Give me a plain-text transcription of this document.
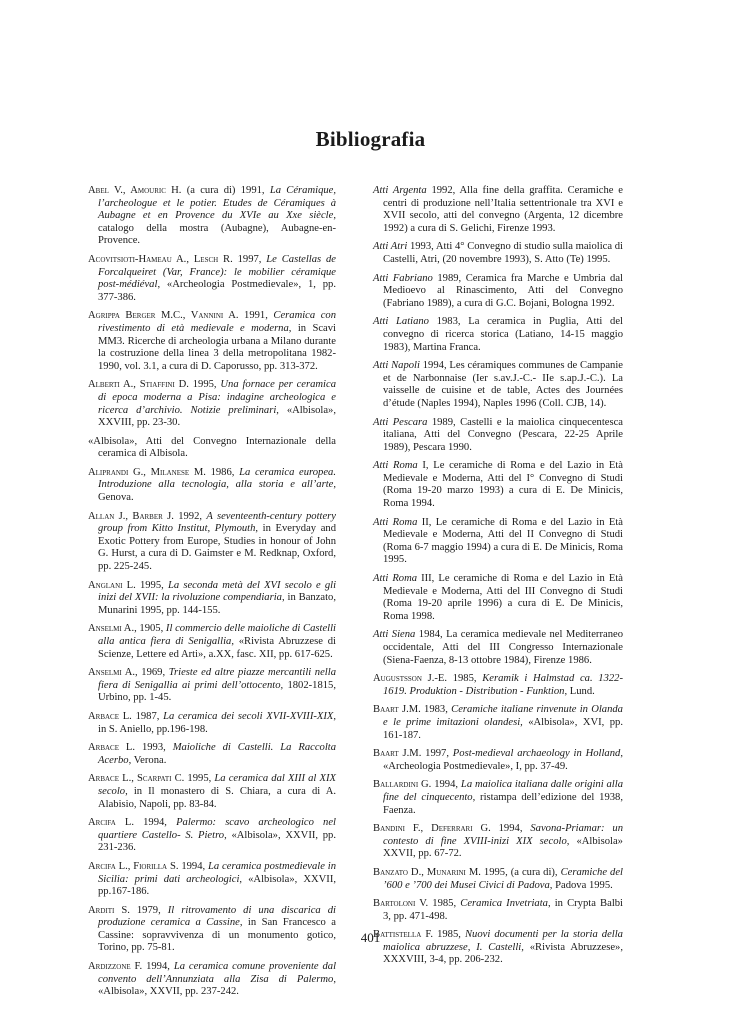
Bibliografia
Abel V., Amouric H. (a cura di) 1991, La Céramique, l’archeologue et le potier. Etudes de Céramiques à Aubagne et en Provence du XVIe au Xxe siècle, catalogo della mostra (Aubagne), Aubagne-en-Provence.
Acovitsioti-Hameau A., Lesch R. 1997, Le Castellas de Forcalqueiret (Var, France): le mobilier céramique post-médiéval, «Archeologia Postmedievale», 1, pp. 377-386.
Agrippa Berger M.C., Vannini A. 1991, Ceramica con rivestimento di età medievale e moderna, in Scavi MM3. Ricerche di archeologia urbana a Milano durante la costruzione della linea 3 della metropolitana 1982-1990, vol. 3.1, a cura di D. Caporusso, pp. 313-372.
Alberti A., Stiaffini D. 1995, Una fornace per ceramica di epoca moderna a Pisa: indagine archeologica e ricerca d’archivio. Notizie preliminari, «Albisola», XXVIII, pp. 23-30.
«Albisola», Atti del Convegno Internazionale della ceramica di Albisola.
Aliprandi G., Milanese M. 1986, La ceramica europea. Introduzione alla tecnologia, alla storia e all’arte, Genova.
Allan J., Barber J. 1992, A seventeenth-century pottery group from Kitto Institut, Plymouth, in Everyday and Exotic Pottery from Europe, Studies in honour of John G. Hurst, a cura di D. Gaimster e M. Redknap, Oxford, pp. 225-245.
Anglani L. 1995, La seconda metà del XVI secolo e gli inizi del XVII: la rivoluzione compendiaria, in Banzato, Munarini 1995, pp. 144-155.
Anselmi A., 1905, Il commercio delle maioliche di Castelli alla antica fiera di Senigallia, «Rivista Abruzzese di Scienze, Lettere ed Arti», a.XX, fasc. XII, pp. 617-625.
Anselmi A., 1969, Trieste ed altre piazze mercantili nella fiera di Senigallia ai primi dell’ottocento, 1802-1815, Urbino, pp. 1-45.
Arbace L. 1987, La ceramica dei secoli XVII-XVIII-XIX, in S. Aniello, pp.196-198.
Arbace L. 1993, Maioliche di Castelli. La Raccolta Acerbo, Verona.
Arbace L., Scarpati C. 1995, La ceramica dal XIII al XIX secolo, in Il monastero di S. Chiara, a cura di A. Alabisio, Napoli, pp. 83-84.
Arcifa L. 1994, Palermo: scavo archeologico nel quartiere Castello- S. Pietro, «Albisola», XXVII, pp. 231-236.
Arcifa L., Fiorilla S. 1994, La ceramica postmedievale in Sicilia: primi dati archeologici, «Albisola», XXVII, pp.167-186.
Arditi S. 1979, Il ritrovamento di una discarica di produzione ceramica a Cassine, in San Francesco a Cassine: sopravvivenza di un monumento gotico, Torino, pp. 75-81.
Ardizzone F. 1994, La ceramica comune proveniente dal convento dell’Annunziata alla Zisa di Palermo, «Albisola», XXVII, pp. 237-242.
Atti Argenta 1992, Alla fine della graffita. Ceramiche e centri di produzione nell’Italia settentrionale tra XVI e XVII secolo, atti del convegno (Argenta, 12 dicembre 1992) a cura di S. Gelichi, Firenze 1993.
Atti Atri 1993, Atti 4° Convegno di studio sulla maiolica di Castelli, Atri, (20 novembre 1993), S. Atto (Te) 1995.
Atti Fabriano 1989, Ceramica fra Marche e Umbria dal Medioevo al Rinascimento, Atti del Convegno (Fabriano 1989), a cura di G.C. Bojani, Bologna 1992.
Atti Latiano 1983, La ceramica in Puglia, Atti del convegno di ricerca storica (Latiano, 14-15 maggio 1983), Martina Franca.
Atti Napoli 1994, Les céramiques communes de Campanie et de Narbonnaise (Ier s.av.J.-C.- IIe s.ap.J.-C.). La vaisselle de cuisine et de table, Actes des Journées d’étude (Naples 1994), Naples 1996 (Coll. CJB, 14).
Atti Pescara 1989, Castelli e la maiolica cinquecentesca italiana, Atti del Convegno (Pescara, 22-25 Aprile 1989), Pescara 1990.
Atti Roma I, Le ceramiche di Roma e del Lazio in Età Medievale e Moderna, Atti del I° Convegno di Studi (Roma 19-20 marzo 1993) a cura di E. De Minicis, Roma 1994.
Atti Roma II, Le ceramiche di Roma e del Lazio in Età Medievale e Moderna, Atti del II Convegno di Studi (Roma 6-7 maggio 1994) a cura di E. De Minicis, Roma 1995.
Atti Roma III, Le ceramiche di Roma e del Lazio in Età Medievale e Moderna, Atti del III Convegno di Studi (Roma 19-20 aprile 1996) a cura di E. De Minicis, Roma 1998.
Atti Siena 1984, La ceramica medievale nel Mediterraneo occidentale, Atti del III Congresso Internazionale (Siena-Faenza, 8-13 ottobre 1984), Firenze 1986.
Augustsson J.-E. 1985, Keramik i Halmstad ca. 1322-1619. Produktion - Distribution - Funktion, Lund.
Baart J.M. 1983, Ceramiche italiane rinvenute in Olanda e le prime imitazioni olandesi, «Albisola», XVI, pp. 161-187.
Baart J.M. 1997, Post-medieval archaeology in Holland, «Archeologia Postmedievale», I, pp. 37-49.
Ballardini G. 1994, La maiolica italiana dalle origini alla fine del cinquecento, ristampa dell’edizione del 1938, Faenza.
Bandini F., Deferrari G. 1994, Savona-Priamar: un contesto di fine XVIII-inizi XIX secolo, «Albisola» XXVII, pp. 67-72.
Banzato D., Munarini M. 1995, (a cura di), Ceramiche del ’600 e ’700 dei Musei Civici di Padova, Padova 1995.
Bartoloni V. 1985, Ceramica Invetriata, in Crypta Balbi 3, pp. 471-498.
Battistella F. 1985, Nuovi documenti per la storia della maiolica abruzzese, I. Castelli, «Rivista Abruzzese», XXXVIII, 3-4, pp. 206-232.
401
